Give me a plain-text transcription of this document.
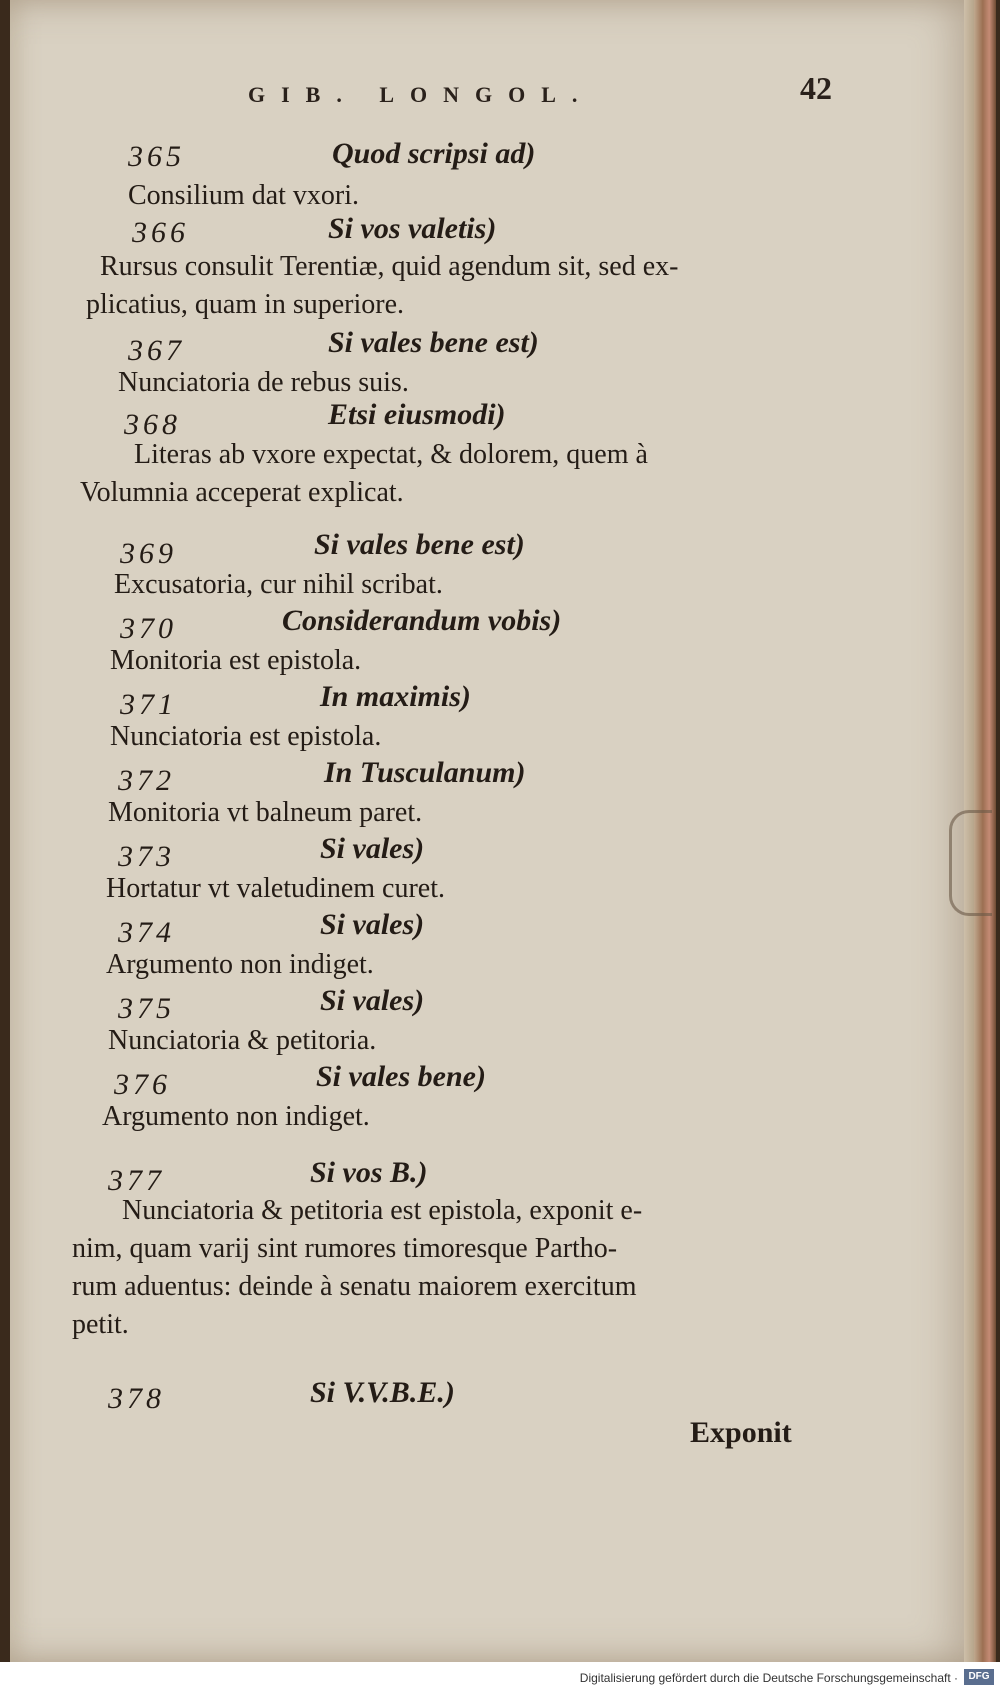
GIB. LONGOL.	42
365	Quod scripsi ad)
Consilium dat vxori.
366	Si vos valetis)
Rursus consulit Terentiæ, quid agendum sit, sed ex-
plicatius, quam in superiore.
367	Si vales bene est)
Nunciatoria de rebus suis.
368	Etsi eiusmodi)
Literas ab vxore expectat, & dolorem, quem à
Volumnia acceperat explicat.
369	Si vales bene est)
Excusatoria, cur nihil scribat.
370	Considerandum vobis)
Monitoria est epistola.
371	In maximis)
Nunciatoria est epistola.
372	In Tusculanum)
Monitoria vt balneum paret.
373	Si vales)
Hortatur vt valetudinem curet.
374	Si vales)
Argumento non indiget.
375	Si vales)
Nunciatoria & petitoria.
376	Si vales bene)
Argumento non indiget.
377	Si vos B.)
Nunciatoria & petitoria est epistola, exponit e-
nim, quam varij sint rumores timoresque Partho-
rum aduentus: deinde à senatu maiorem exercitum
petit.
378	Si V.V.B.E.)
Exponit
Digitalisierung gefördert durch die Deutsche Forschungsgemeinschaft ·	DFG
